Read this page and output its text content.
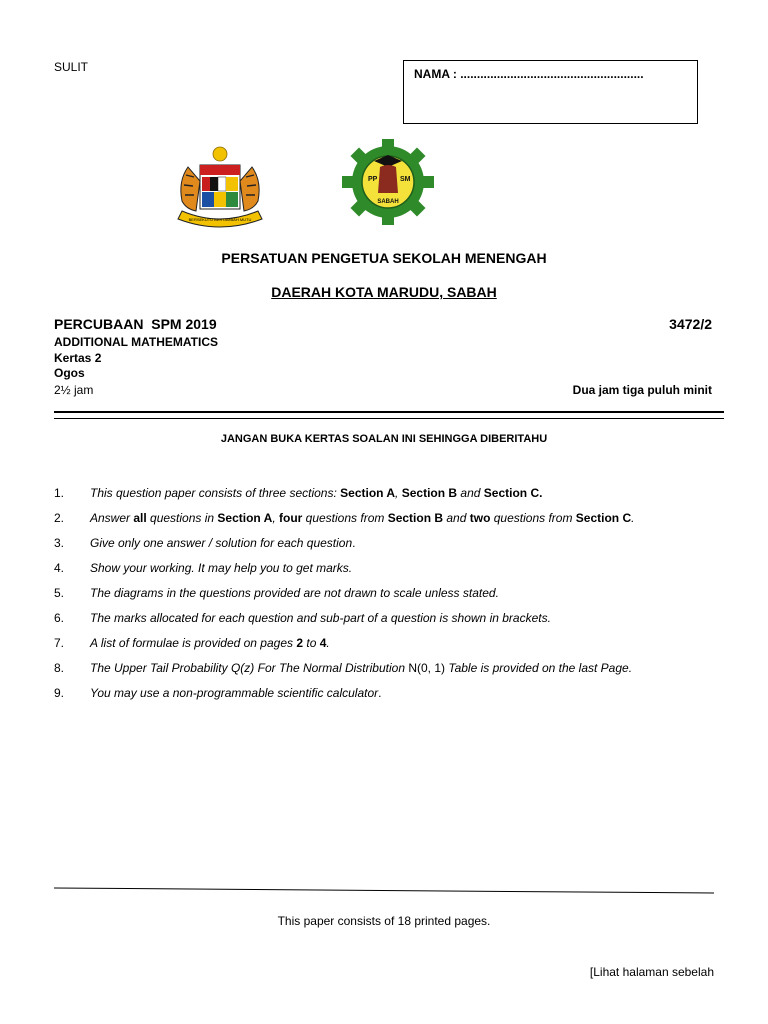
SULIT	NAMA : .......................................................
BERSEKUTU BERTAMBAH MUTU
PP	SM
SABAH
PERSATUAN PENGETUA SEKOLAH MENENGAH
DAERAH KOTA MARUDU, SABAH
PERCUBAAN  SPM 2019	3472/2
ADDITIONAL MATHEMATICS
Kertas 2
Ogos
2½ jam	Dua jam tiga puluh minit
JANGAN BUKA KERTAS SOALAN INI SEHINGGA DIBERITAHU
1.	This question paper consists of three sections: Section A, Section B and Section C.
2.	Answer all questions in Section A, four questions from Section B and two questions from Section C.
3.	Give only one answer / solution for each question.
4.	Show your working. It may help you to get marks.
5.	The diagrams in the questions provided are not drawn to scale unless stated.
6.	The marks allocated for each question and sub-part of a question is shown in brackets.
7.	A list of formulae is provided on pages 2 to 4.
8.	The Upper Tail Probability Q(z) For The Normal Distribution N(0, 1) Table is provided on the last Page.
9.	You may use a non-programmable scientific calculator.
This paper consists of 18 printed pages.
[Lihat halaman sebelah
